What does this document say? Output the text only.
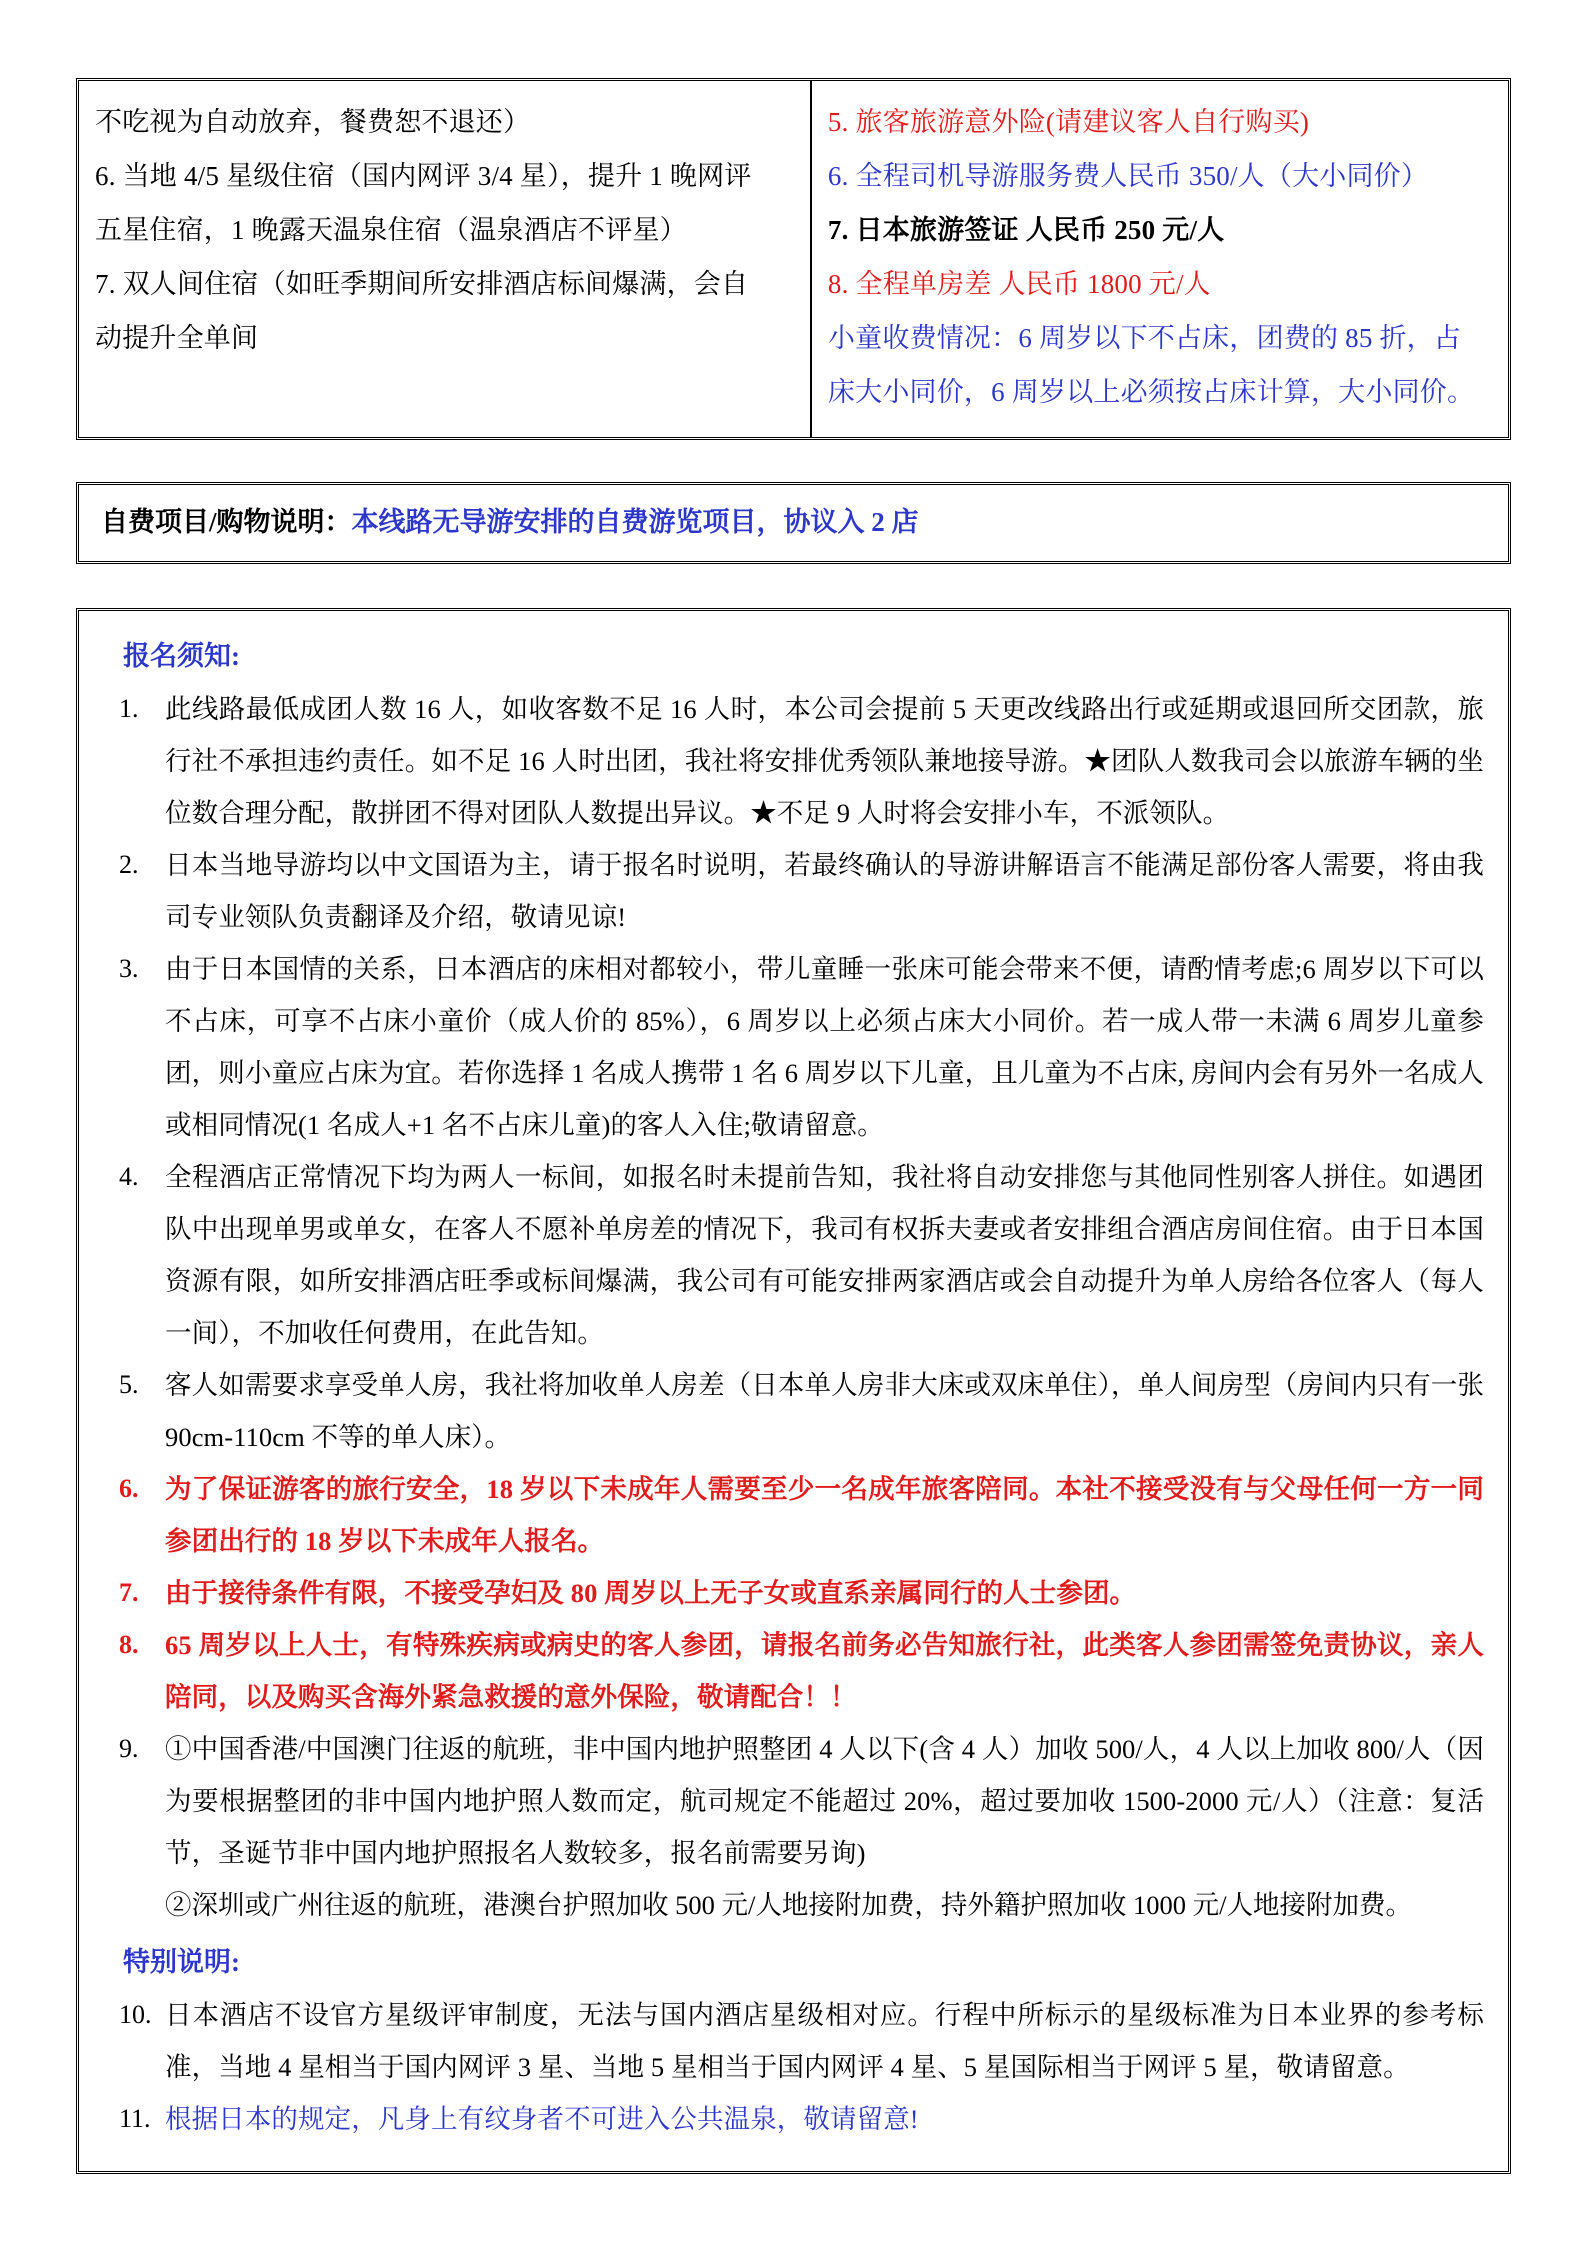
不吃视为自动放弃，餐费恕不退还）
6. 当地 4/5 星级住宿（国内网评 3/4 星），提升 1 晚网评
五星住宿，1 晚露天温泉住宿（温泉酒店不评星）
7. 双人间住宿（如旺季期间所安排酒店标间爆满，会自
动提升全单间
5. 旅客旅游意外险(请建议客人自行购买)
6. 全程司机导游服务费人民币 350/人（大小同价）
7. 日本旅游签证 人民币 250 元/人
8. 全程单房差 人民币 1800 元/人
小童收费情况：6 周岁以下不占床，团费的 85 折，占
床大小同价，6 周岁以上必须按占床计算，大小同价。
自费项目/购物说明：本线路无导游安排的自费游览项目，协议入 2 店
报名须知:
1.	此线路最低成团人数 16 人，如收客数不足 16 人时，本公司会提前 5 天更改线路出行或延期或退回所交团款，旅行社不承担违约责任。如不足 16 人时出团，我社将安排优秀领队兼地接导游。★团队人数我司会以旅游车辆的坐位数合理分配，散拼团不得对团队人数提出异议。★不足 9 人时将会安排小车，不派领队。
2.	日本当地导游均以中文国语为主，请于报名时说明，若最终确认的导游讲解语言不能满足部份客人需要，将由我司专业领队负责翻译及介绍，敬请见谅!
3.	由于日本国情的关系，日本酒店的床相对都较小，带儿童睡一张床可能会带来不便，请酌情考虑;6 周岁以下可以不占床，可享不占床小童价（成人价的 85%），6 周岁以上必须占床大小同价。若一成人带一未满 6 周岁儿童参团，则小童应占床为宜。若你选择 1 名成人携带 1 名 6 周岁以下儿童，且儿童为不占床, 房间内会有另外一名成人或相同情况(1 名成人+1 名不占床儿童)的客人入住;敬请留意。
4.	全程酒店正常情况下均为两人一标间，如报名时未提前告知，我社将自动安排您与其他同性别客人拼住。如遇团队中出现单男或单女，在客人不愿补单房差的情况下，我司有权拆夫妻或者安排组合酒店房间住宿。由于日本国资源有限，如所安排酒店旺季或标间爆满，我公司有可能安排两家酒店或会自动提升为单人房给各位客人（每人一间），不加收任何费用，在此告知。
5.	客人如需要求享受单人房，我社将加收单人房差（日本单人房非大床或双床单住），单人间房型（房间内只有一张 90cm-110cm 不等的单人床）。
6.	为了保证游客的旅行安全，18 岁以下未成年人需要至少一名成年旅客陪同。本社不接受没有与父母任何一方一同参团出行的 18 岁以下未成年人报名。
7.	由于接待条件有限，不接受孕妇及 80 周岁以上无子女或直系亲属同行的人士参团。
8.	65 周岁以上人士，有特殊疾病或病史的客人参团，请报名前务必告知旅行社，此类客人参团需签免责协议，亲人陪同，以及购买含海外紧急救援的意外保险，敬请配合！！
9.	①中国香港/中国澳门往返的航班，非中国内地护照整团 4 人以下(含 4 人）加收 500/人，4 人以上加收 800/人（因为要根据整团的非中国内地护照人数而定，航司规定不能超过 20%，超过要加收 1500-2000 元/人）（注意：复活节，圣诞节非中国内地护照报名人数较多，报名前需要另询)
②深圳或广州往返的航班，港澳台护照加收 500 元/人地接附加费，持外籍护照加收 1000 元/人地接附加费。
特别说明:
10. 日本酒店不设官方星级评审制度，无法与国内酒店星级相对应。行程中所标示的星级标准为日本业界的参考标准，当地 4 星相当于国内网评 3 星、当地 5 星相当于国内网评 4 星、5 星国际相当于网评 5 星，敬请留意。
11. 根据日本的规定，凡身上有纹身者不可进入公共温泉，敬请留意!
